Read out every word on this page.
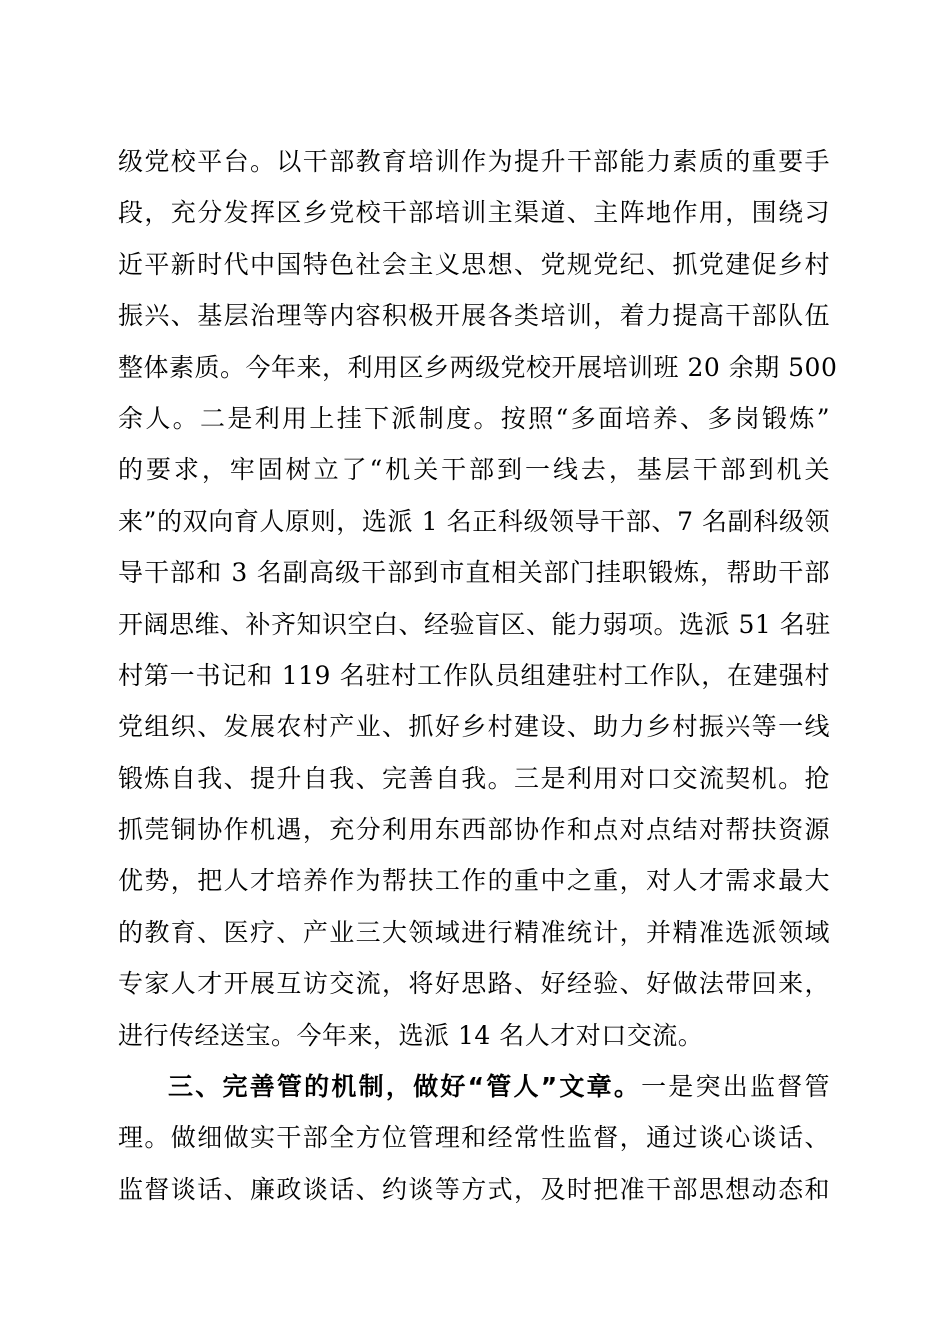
级党校平台。以干部教育培训作为提升干部能力素质的重要手
段，充分发挥区乡党校干部培训主渠道、主阵地作用，围绕习
近平新时代中国特色社会主义思想、党规党纪、抓党建促乡村
振兴、基层治理等内容积极开展各类培训，着力提高干部队伍
整体素质。今年来，利用区乡两级党校开展培训班 20 余期 500
余人。二是利用上挂下派制度。按照“多面培养、多岗锻炼”
的要求，牢固树立了“机关干部到一线去，基层干部到机关
来”的双向育人原则，选派 1 名正科级领导干部、7 名副科级领
导干部和 3 名副高级干部到市直相关部门挂职锻炼，帮助干部
开阔思维、补齐知识空白、经验盲区、能力弱项。选派 51 名驻
村第一书记和 119 名驻村工作队员组建驻村工作队，在建强村
党组织、发展农村产业、抓好乡村建设、助力乡村振兴等一线
锻炼自我、提升自我、完善自我。三是利用对口交流契机。抢
抓莞铜协作机遇，充分利用东西部协作和点对点结对帮扶资源
优势，把人才培养作为帮扶工作的重中之重，对人才需求最大
的教育、医疗、产业三大领域进行精准统计，并精准选派领域
专家人才开展互访交流，将好思路、好经验、好做法带回来，
进行传经送宝。今年来，选派 14 名人才对口交流。
三、完善管的机制，做好“管人”文章。一是突出监督管
理。做细做实干部全方位管理和经常性监督，通过谈心谈话、
监督谈话、廉政谈话、约谈等方式，及时把准干部思想动态和
